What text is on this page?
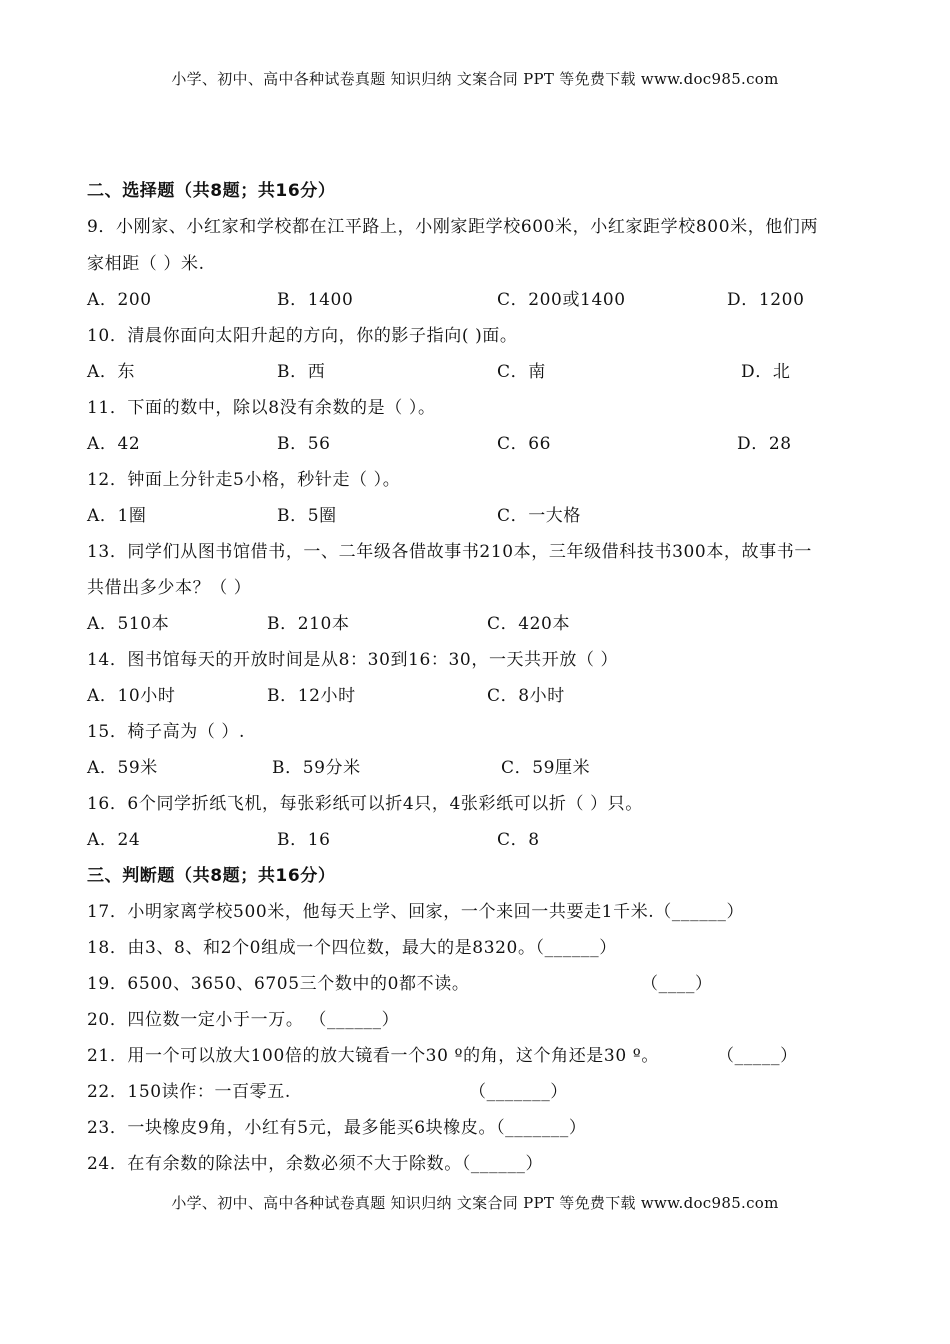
小学、初中、高中各种试卷真题 知识归纳 文案合同 PPT 等免费下载 www.doc985.com
二、选择题（共8题；共16分）
9．小刚家、小红家和学校都在江平路上，小刚家距学校600米，小红家距学校800米，他们两
家相距（ ）米.
A．200	B．1400	C．200或1400	D．1200
10．清晨你面向太阳升起的方向，你的影子指向( )面。
A．东	B．西	C．南	D．北
11．下面的数中，除以8没有余数的是（ ）。
A．42	B．56	C．66	D．28
12．钟面上分针走5小格，秒针走（ ）。
A．1圈	B．5圈	C．一大格
13．同学们从图书馆借书，一、二年级各借故事书210本，三年级借科技书300本，故事书一
共借出多少本？（ ）
A．510本	B．210本	C．420本
14．图书馆每天的开放时间是从8：30到16：30，一天共开放（ ）
A．10小时	B．12小时	C．8小时
15．椅子高为（ ）.
A．59米	B．59分米	C．59厘米
16．6个同学折纸飞机，每张彩纸可以折4只，4张彩纸可以折（ ）只。
A．24	B．16	C．8
三、判断题（共8题；共16分）
17．小明家离学校500米，他每天上学、回家，一个来回一共要走1千米.（______）
18．由3、8、和2个0组成一个四位数，最大的是8320。（______）
19．6500、3650、6705三个数中的0都不读。	（____）
20．四位数一定小于一万。 （______）
21．用一个可以放大100倍的放大镜看一个30 º的角，这个角还是30 º。	（_____）
22．150读作：一百零五.	（_______）
23．一块橡皮9角，小红有5元，最多能买6块橡皮。（_______）
24．在有余数的除法中，余数必须不大于除数。（______）
小学、初中、高中各种试卷真题 知识归纳 文案合同 PPT 等免费下载 www.doc985.com
